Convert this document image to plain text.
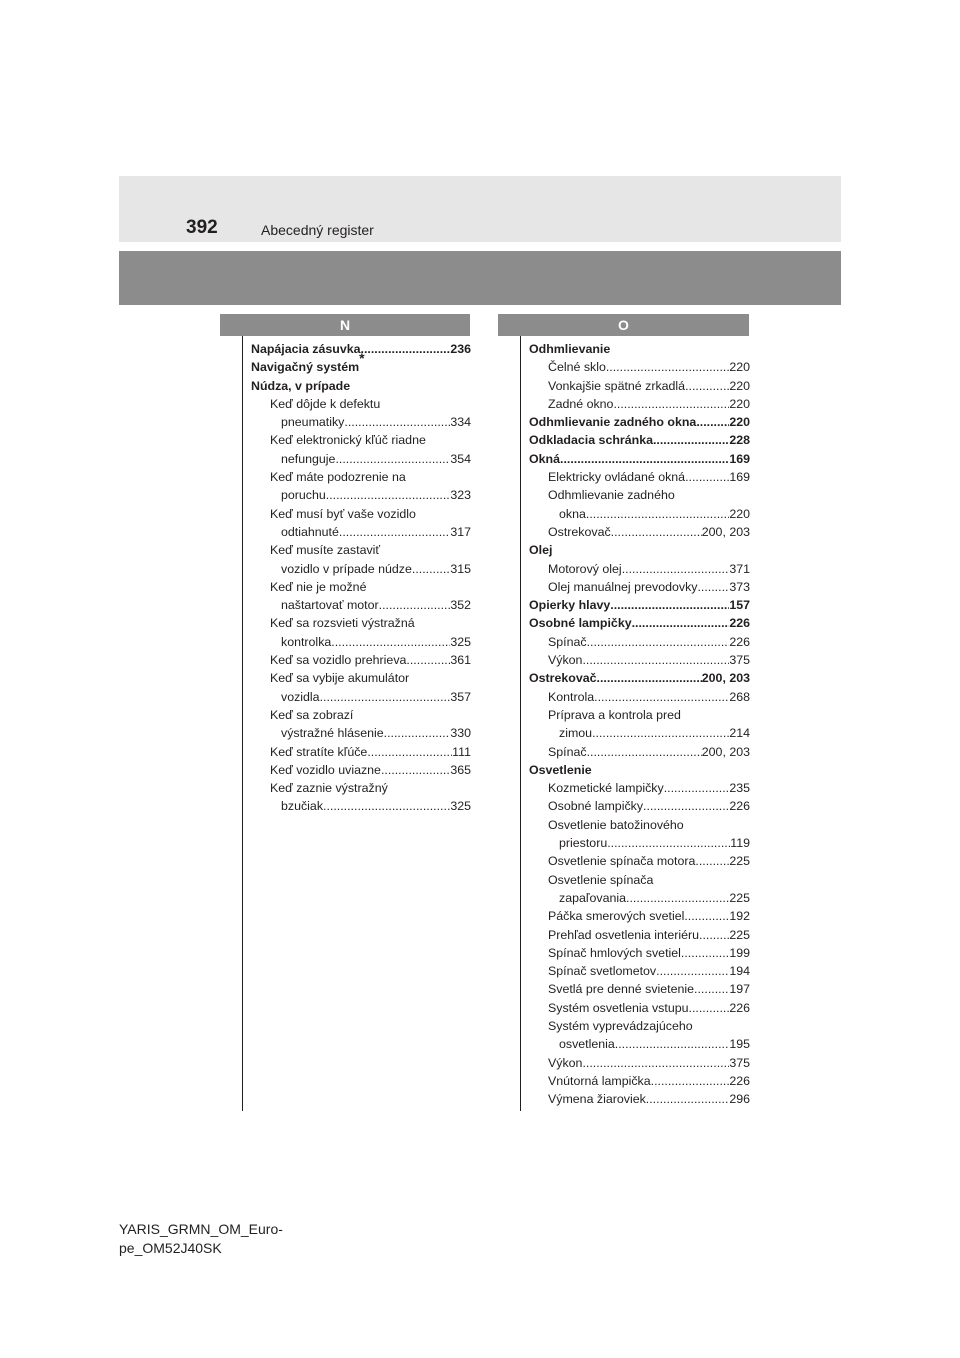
392	Abecedný register
N	O
Napájacia zásuvka .....	236
Navigačný systém
*
Núdza, v prípade
Keď dôjde k defektu
pneumatiky .....	334
Keď elektronický kľúč riadne
nefunguje .....	354
Keď máte podozrenie na
poruchu .....	323
Keď musí byť vaše vozidlo
odtiahnuté .....	317
Keď musíte zastaviť
vozidlo v prípade núdze .....	315
Keď nie je možné
naštartovať motor .....	352
Keď sa rozsvieti výstražná
kontrolka .....	325
Keď sa vozidlo prehrieva .....	361
Keď sa vybije akumulátor
vozidla .....	357
Keď sa zobrazí
výstražné hlásenie .....	330
Keď stratíte kľúče .....	111
Keď vozidlo uviazne .....	365
Keď zaznie výstražný
bzučiak .....	325
Odhmlievanie
Čelné sklo .....	220
Vonkajšie spätné zrkadlá .....	220
Zadné okno .....	220
Odhmlievanie zadného okna .....	220
Odkladacia schránka .....	228
Okná .....	169
Elektricky ovládané okná .....	169
Odhmlievanie zadného
okna .....	220
Ostrekovač .....	200, 203
Olej
Motorový olej .....	371
Olej manuálnej prevodovky .....	373
Opierky hlavy .....	157
Osobné lampičky .....	226
Spínač .....	226
Výkon .....	375
Ostrekovač .....	200, 203
Kontrola .....	268
Príprava a kontrola pred
zimou .....	214
Spínač .....	200, 203
Osvetlenie
Kozmetické lampičky .....	235
Osobné lampičky .....	226
Osvetlenie batožinového
priestoru .....	119
Osvetlenie spínača motora .....	225
Osvetlenie spínača
zapaľovania .....	225
Páčka smerových svetiel .....	192
Prehľad osvetlenia interiéru ..... 225
Spínač hmlových svetiel .....	199
Spínač svetlometov .....	194
Svetlá pre denné svietenie .....	197
Systém osvetlenia vstupu .....	226
Systém vyprevádzajúceho
osvetlenia .....	195
Výkon .....	375
Vnútorná lampička .....	226
Výmena žiaroviek .....	296
YARIS_GRMN_OM_Euro-
pe_OM52J40SK
